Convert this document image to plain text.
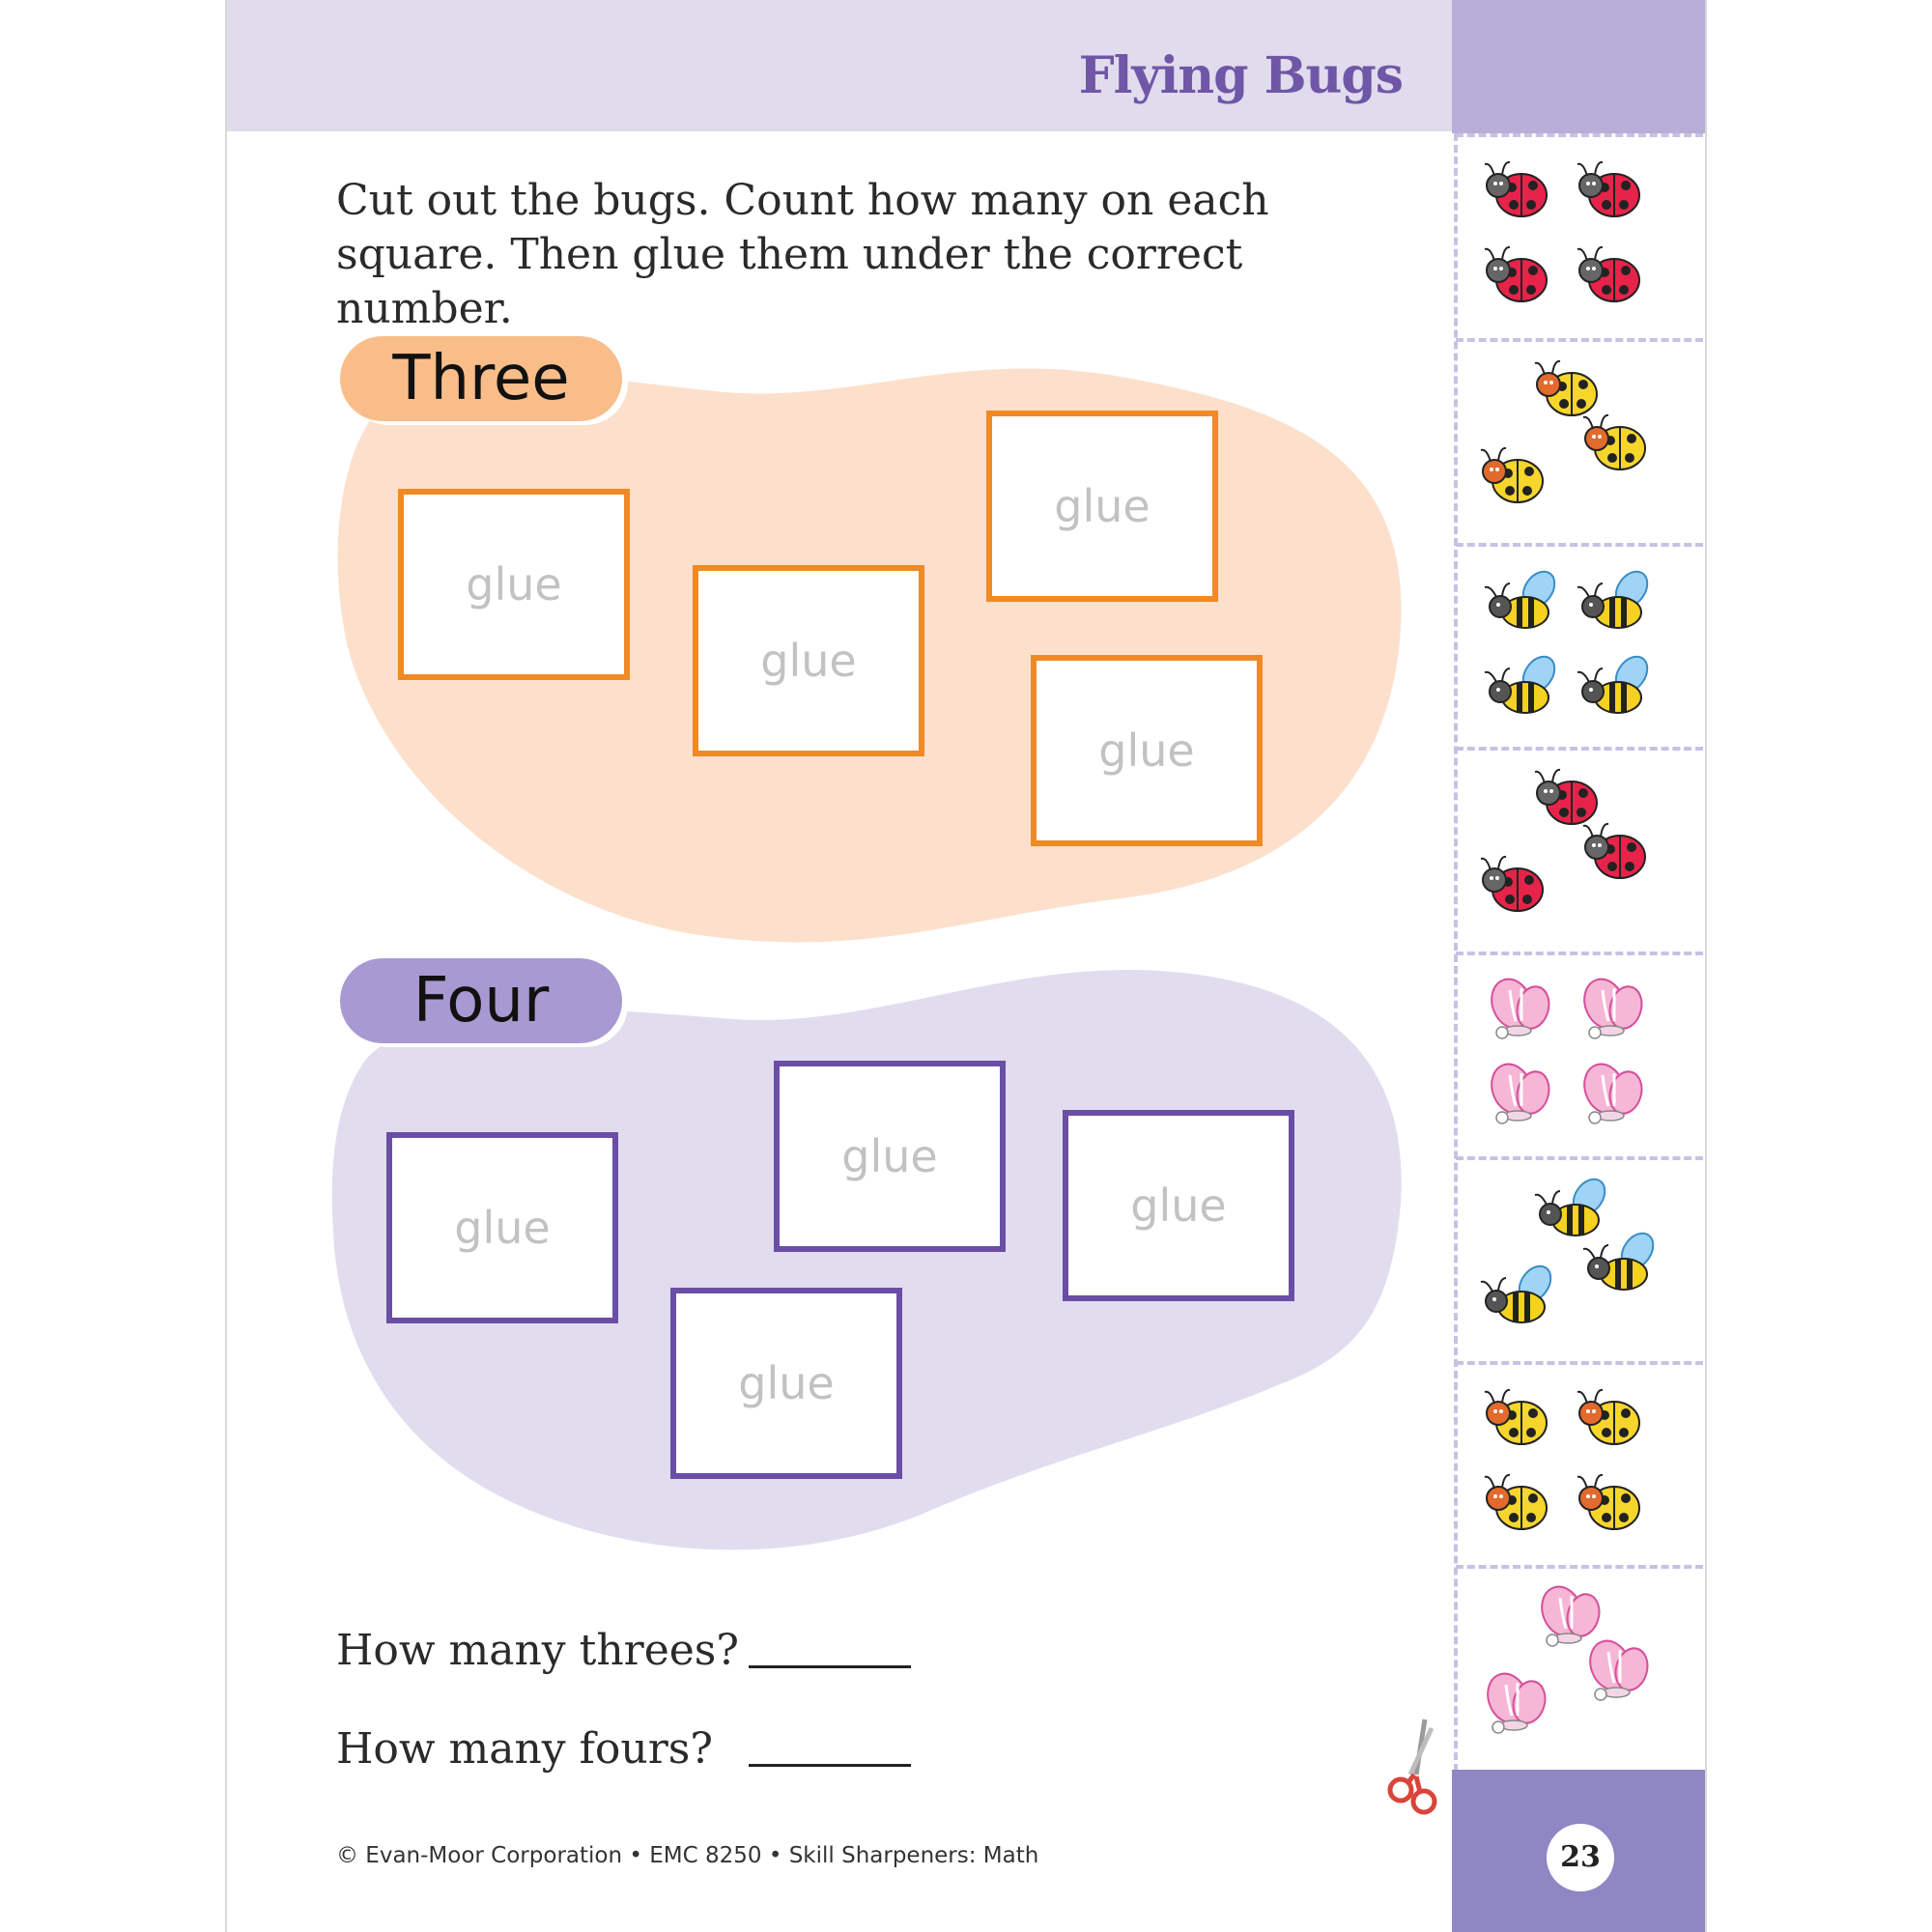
Flying Bugs
Cut out the bugs. Count how many on each square. Then glue them under the correct number.
Three
glue
glue
glue
glue
Four
glue
glue
glue
glue
How many threes?
How many fours?
© Evan-Moor Corporation • EMC 8250 • Skill Sharpeners: Math	23
